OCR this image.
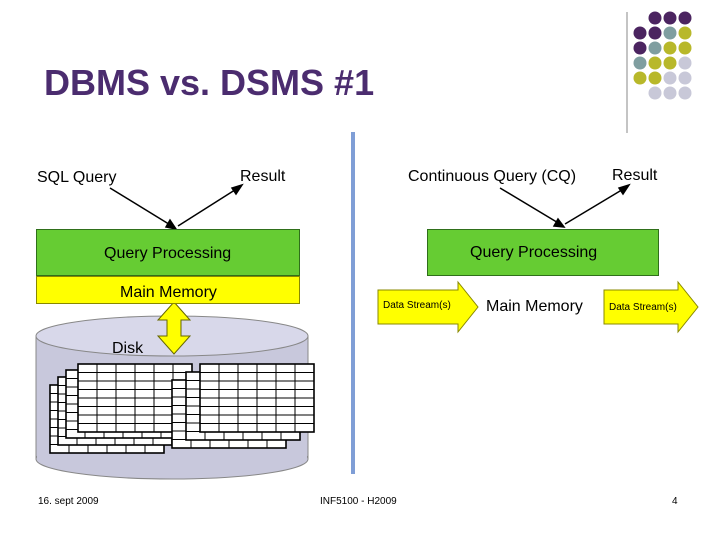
DBMS vs. DSMS #1
SQL Query	Result
Query Processing
Main Memory
Disk
Continuous Query (CQ) Result
Query Processing
Data Stream(s) Main Memory	Data Stream(s)
16. sept 2009	INF5100 - H2009	4
